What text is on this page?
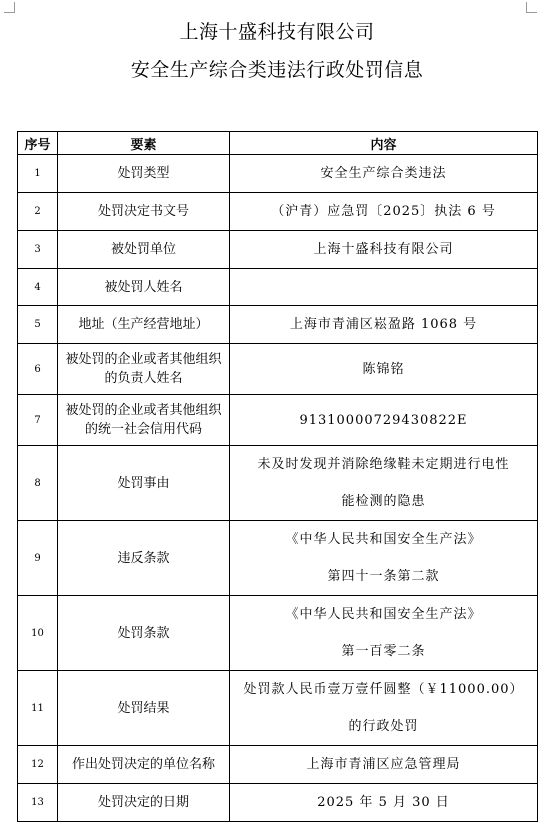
上海十盛科技有限公司
安全生产综合类违法行政处罚信息
序号	要素	内容
1	处罚类型	安全生产综合类违法

2	处罚决定书文号	（沪青）应急罚〔2025〕执法 6 号

3	被处罚单位	上海十盛科技有限公司

4	被处罚人姓名	

5	地址（生产经营地址）	上海市青浦区崧盈路 1068 号

6	被处罚的企业或者其他组织
的负责人姓名	陈锦铭

7	被处罚的企业或者其他组织
的统一社会信用代码	91310000729430822E

8	处罚事由	未及时发现并消除绝缘鞋未定期进行电性
能检测的隐患

9	违反条款	《中华人民共和国安全生产法》
第四十一条第二款

10	处罚条款	《中华人民共和国安全生产法》
第一百零二条

11	处罚结果	处罚款人民币壹万壹仟圆整（￥11000.00）
的行政处罚

12	作出处罚决定的单位名称	上海市青浦区应急管理局

13	处罚决定的日期	2025 年 5 月 30 日
